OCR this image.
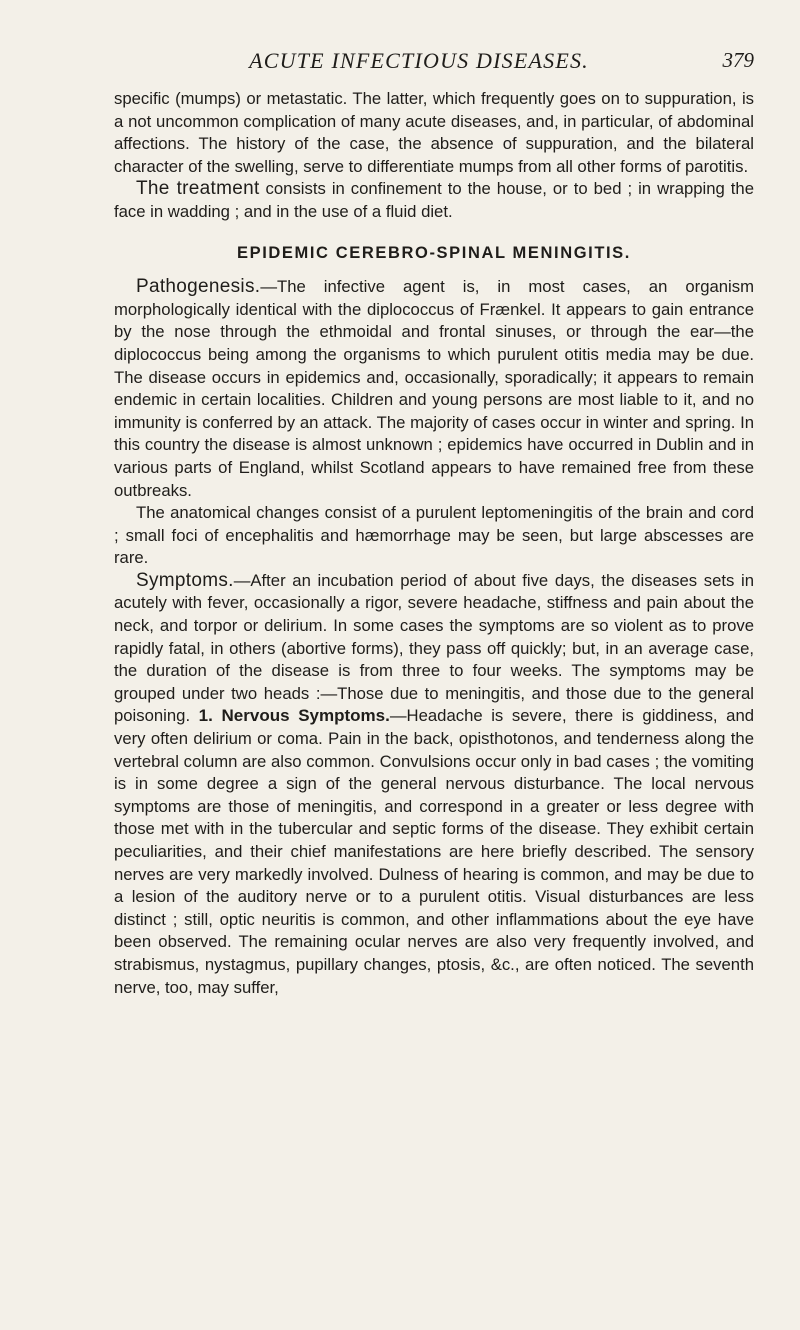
ACUTE INFECTIOUS DISEASES.	379

specific (mumps) or metastatic. The latter, which frequently goes on to suppuration, is a not uncommon complication of many acute diseases, and, in particular, of abdominal affections. The history of the case, the absence of suppuration, and the bilateral character of the swelling, serve to differentiate mumps from all other forms of parotitis.

The treatment consists in confinement to the house, or to bed ; in wrapping the face in wadding ; and in the use of a fluid diet.

EPIDEMIC CEREBRO-SPINAL MENINGITIS.

Pathogenesis.—The infective agent is, in most cases, an organism morphologically identical with the diplococcus of Frænkel. It appears to gain entrance by the nose through the ethmoidal and frontal sinuses, or through the ear—the diplococcus being among the organisms to which purulent otitis media may be due. The disease occurs in epidemics and, occasionally, sporadically; it appears to remain endemic in certain localities. Children and young persons are most liable to it, and no immunity is conferred by an attack. The majority of cases occur in winter and spring. In this country the disease is almost unknown ; epidemics have occurred in Dublin and in various parts of England, whilst Scotland appears to have remained free from these outbreaks.

The anatomical changes consist of a purulent leptomeningitis of the brain and cord ; small foci of encephalitis and hæmorrhage may be seen, but large abscesses are rare.

Symptoms.—After an incubation period of about five days, the diseases sets in acutely with fever, occasionally a rigor, severe headache, stiffness and pain about the neck, and torpor or delirium. In some cases the symptoms are so violent as to prove rapidly fatal, in others (abortive forms), they pass off quickly; but, in an average case, the duration of the disease is from three to four weeks. The symptoms may be grouped under two heads :—Those due to meningitis, and those due to the general poisoning. 1. Nervous Symptoms.—Headache is severe, there is giddiness, and very often delirium or coma. Pain in the back, opisthotonos, and tenderness along the vertebral column are also common. Convulsions occur only in bad cases ; the vomiting is in some degree a sign of the general nervous disturbance. The local nervous symptoms are those of meningitis, and correspond in a greater or less degree with those met with in the tubercular and septic forms of the disease. They exhibit certain peculiarities, and their chief manifestations are here briefly described. The sensory nerves are very markedly involved. Dulness of hearing is common, and may be due to a lesion of the auditory nerve or to a purulent otitis. Visual disturbances are less distinct ; still, optic neuritis is common, and other inflammations about the eye have been observed. The remaining ocular nerves are also very frequently involved, and strabismus, nystagmus, pupillary changes, ptosis, &c., are often noticed. The seventh nerve, too, may suffer,
